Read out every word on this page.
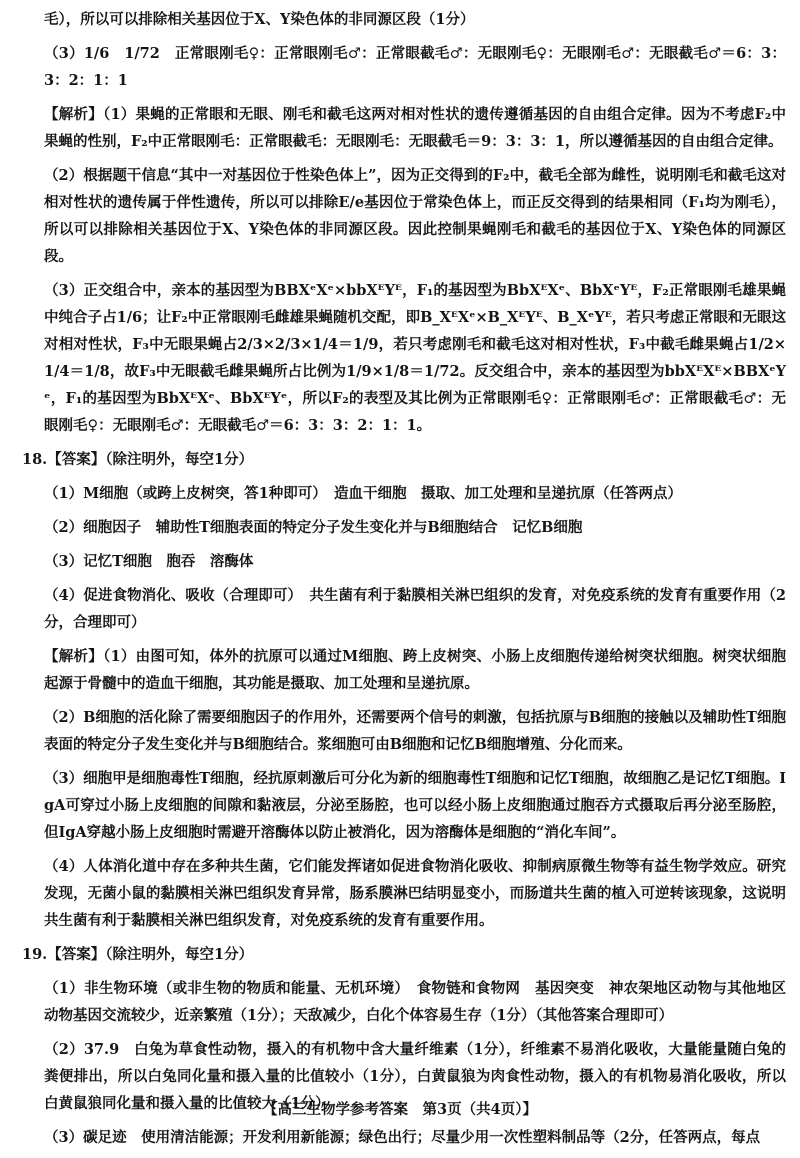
毛），所以可以排除相关基因位于X、Y染色体的非同源区段（1分）

（3）1/6　1/72　正常眼刚毛♀：正常眼刚毛♂：正常眼截毛♂：无眼刚毛♀：无眼刚毛♂：无眼截毛♂＝6：3：3：2：1：1

【解析】（1）果蝇的正常眼和无眼、刚毛和截毛这两对相对性状的遗传遵循基因的自由组合定律。因为不考虑F₂中果蝇的性别，F₂中正常眼刚毛：正常眼截毛：无眼刚毛：无眼截毛＝9：3：3：1，所以遵循基因的自由组合定律。

（2）根据题干信息“其中一对基因位于性染色体上”，因为正交得到的F₂中，截毛全部为雌性，说明刚毛和截毛这对相对性状的遗传属于伴性遗传，所以可以排除E/e基因位于常染色体上，而正反交得到的结果相同（F₁均为刚毛），所以可以排除相关基因位于X、Y染色体的非同源区段。因此控制果蝇刚毛和截毛的基因位于X、Y染色体的同源区段。

（3）正交组合中，亲本的基因型为BBXᵉXᵉ×bbXᴱYᴱ，F₁的基因型为BbXᴱXᵉ、BbXᵉYᴱ，F₂正常眼刚毛雄果蝇中纯合子占1/6；让F₂中正常眼刚毛雌雄果蝇随机交配，即B_XᴱXᵉ×B_XᴱYᴱ、B_XᵉYᴱ，若只考虑正常眼和无眼这对相对性状，F₃中无眼果蝇占2/3×2/3×1/4＝1/9，若只考虑刚毛和截毛这对相对性状，F₃中截毛雌果蝇占1/2×1/4＝1/8，故F₃中无眼截毛雌果蝇所占比例为1/9×1/8＝1/72。反交组合中，亲本的基因型为bbXᴱXᴱ×BBXᵉYᵉ，F₁的基因型为BbXᴱXᵉ、BbXᴱYᵉ，所以F₂的表型及其比例为正常眼刚毛♀：正常眼刚毛♂：正常眼截毛♂：无眼刚毛♀：无眼刚毛♂：无眼截毛♂＝6：3：3：2：1：1。

18.【答案】（除注明外，每空1分）

（1）M细胞（或跨上皮树突，答1种即可）　造血干细胞　摄取、加工处理和呈递抗原（任答两点）

（2）细胞因子　辅助性T细胞表面的特定分子发生变化并与B细胞结合　记忆B细胞

（3）记忆T细胞　胞吞　溶酶体

（4）促进食物消化、吸收（合理即可）　共生菌有利于黏膜相关淋巴组织的发育，对免疫系统的发育有重要作用（2分，合理即可）

【解析】（1）由图可知，体外的抗原可以通过M细胞、跨上皮树突、小肠上皮细胞传递给树突状细胞。树突状细胞起源于骨髓中的造血干细胞，其功能是摄取、加工处理和呈递抗原。

（2）B细胞的活化除了需要细胞因子的作用外，还需要两个信号的刺激，包括抗原与B细胞的接触以及辅助性T细胞表面的特定分子发生变化并与B细胞结合。浆细胞可由B细胞和记忆B细胞增殖、分化而来。

（3）细胞甲是细胞毒性T细胞，经抗原刺激后可分化为新的细胞毒性T细胞和记忆T细胞，故细胞乙是记忆T细胞。IgA可穿过小肠上皮细胞的间隙和黏液层，分泌至肠腔，也可以经小肠上皮细胞通过胞吞方式摄取后再分泌至肠腔，但IgA穿越小肠上皮细胞时需避开溶酶体以防止被消化，因为溶酶体是细胞的“消化车间”。

（4）人体消化道中存在多种共生菌，它们能发挥诸如促进食物消化吸收、抑制病原微生物等有益生物学效应。研究发现，无菌小鼠的黏膜相关淋巴组织发育异常，肠系膜淋巴结明显变小，而肠道共生菌的植入可逆转该现象，这说明共生菌有利于黏膜相关淋巴组织发育，对免疫系统的发育有重要作用。

19.【答案】（除注明外，每空1分）

（1）非生物环境（或非生物的物质和能量、无机环境）　食物链和食物网　基因突变　神农架地区动物与其他地区动物基因交流较少，近亲繁殖（1分）；天敌减少，白化个体容易生存（1分）（其他答案合理即可）

（2）37.9　白兔为草食性动物，摄入的有机物中含大量纤维素（1分），纤维素不易消化吸收，大量能量随白兔的粪便排出，所以白兔同化量和摄入量的比值较小（1分），白黄鼠狼为肉食性动物，摄入的有机物易消化吸收，所以白黄鼠狼同化量和摄入量的比值较大（1分）

（3）碳足迹　使用清洁能源；开发利用新能源；绿色出行；尽量少用一次性塑料制品等（2分，任答两点，每点

【高三生物学参考答案　第3页（共4页）】
